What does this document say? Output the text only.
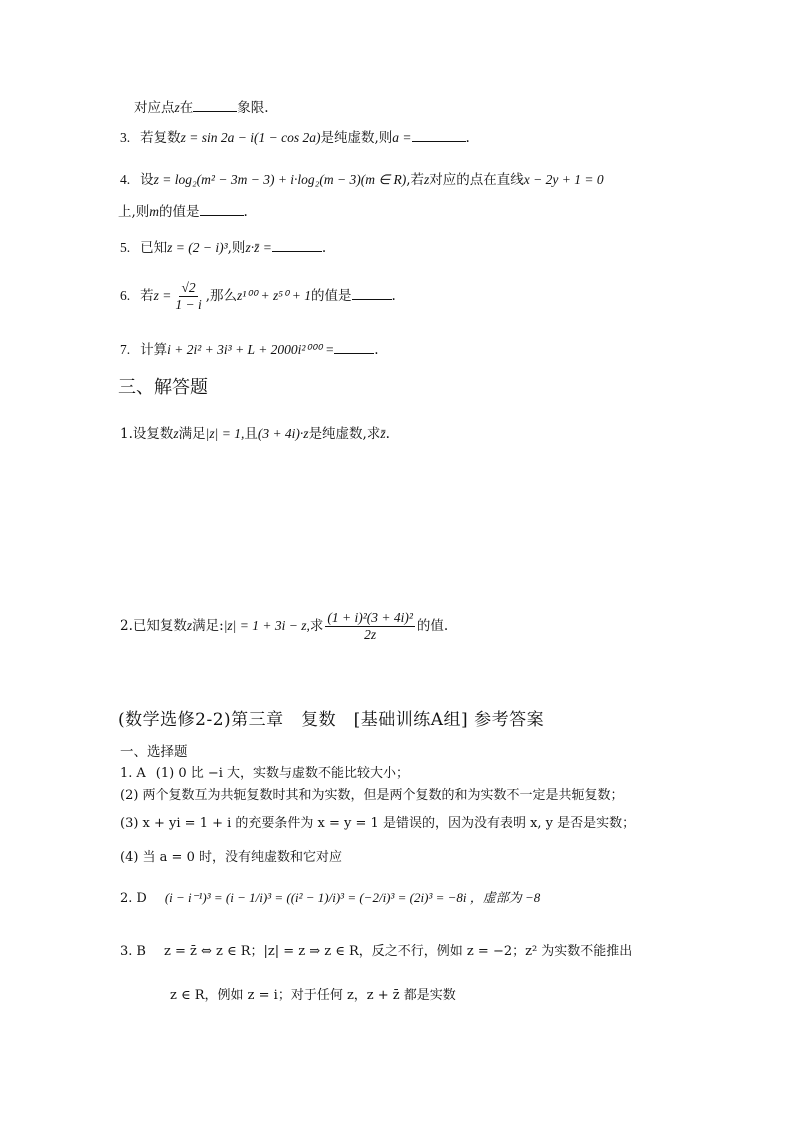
对应点z在	象限.
3. 若复数z = sin 2a − i(1 − cos 2a)是纯虚数,则a =	.
4. 设z = log₂(m² − 3m − 3) + i·log₂(m − 3)(m ∈ R),若z对应的点在直线x − 2y + 1 = 0
上,则m的值是	.
5. 已知z = (2 − i)³,则z·z̄ =	.
6. 若$z = \frac{√2}{1 - i}$ ,那么z¹⁰⁰ + z⁵⁰ + 1的值是	.
7. 计算i + 2i² + 3i³ + L + 2000i²⁰⁰⁰ =	.
三、解答题
1.设复数z满足|z| = 1,且(3 + 4i)·z是纯虚数,求z̄.
2.已知复数z满足:|z| = 1 + 3i − z,求 $\frac{\text{(1 + i)²(3 + 4i)²}}{2z}$ 的值.
(数学选修2-2)第三章　复数　[基础训练A组] 参考答案
一、选择题
1. A (1) 0 比 −i 大，实数与虚数不能比较大小；
(2) 两个复数互为共轭复数时其和为实数，但是两个复数的和为实数不一定是共轭复数；
(3) x + yi = 1 + i 的充要条件为 x = y = 1 是错误的，因为没有表明 x, y 是否是实数；
(4) 当 a = 0 时，没有纯虚数和它对应
2. D (i − i⁻¹)³ = (i − 1/i)³ = ((i² − 1)/i)³ = (−2/i)³ = (2i)³ = −8i ，虚部为 −8
3. B z = z̄ ⇔ z ∈ R；|z| = z ⇒ z ∈ R，反之不行，例如 z = −2；z² 为实数不能推出
z ∈ R，例如 z = i；对于任何 z，z + z̄ 都是实数
